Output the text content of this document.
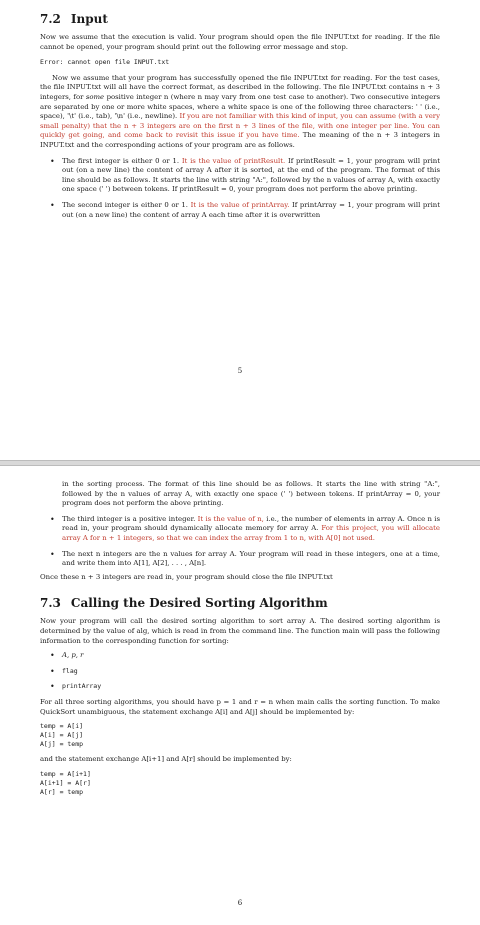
7.2 Input

Now we assume that the execution is valid. Your program should open the file INPUT.txt for reading. If the file cannot be opened, your program should print out the following error message and stop.

Error: cannot open file INPUT.txt

Now we assume that your program has successfully opened the file INPUT.txt for reading. For the test cases, the file INPUT.txt will all have the correct format, as described in the following. The file INPUT.txt contains n + 3 integers, for some positive integer n (where n may vary from one test case to another). Two consecutive integers are separated by one or more white spaces, where a white space is one of the following three characters: ' ' (i.e., space), '\t' (i.e., tab), '\n' (i.e., newline). If you are not familiar with this kind of input, you can assume (with a very small penalty) that the n + 3 integers are on the first n + 3 lines of the file, with one integer per line. You can quickly get going, and come back to revisit this issue if you have time. The meaning of the n + 3 integers in INPUT.txt and the corresponding actions of your program are as follows.

• The first integer is either 0 or 1. It is the value of printResult. If printResult = 1, your program will print out (on a new line) the content of array A after it is sorted, at the end of the program. The format of this line should be as follows. It starts the line with string "A:", followed by the n values of array A, with exactly one space (' ') between tokens. If printResult = 0, your program does not perform the above printing.
• The second integer is either 0 or 1. It is the value of printArray. If printArray = 1, your program will print out (on a new line) the content of array A each time after it is overwritten
5

in the sorting process. The format of this line should be as follows. It starts the line with string "A:", followed by the n values of array A, with exactly one space (' ') between tokens. If printArray = 0, your program does not perform the above printing.

• The third integer is a positive integer. It is the value of n, i.e., the number of elements in array A. Once n is read in, your program should dynamically allocate memory for array A. For this project, you will allocate array A for n + 1 integers, so that we can index the array from 1 to n, with A[0] not used.
• The next n integers are the n values for array A. Your program will read in these integers, one at a time, and write them into A[1], A[2], . . . , A[n].

Once these n + 3 integers are read in, your program should close the file INPUT.txt

7.3 Calling the Desired Sorting Algorithm

Now your program will call the desired sorting algorithm to sort array A. The desired sorting algorithm is determined by the value of alg, which is read in from the command line. The function main will pass the following information to the corresponding function for sorting:

• A, p, r
• flag
• printArray

For all three sorting algorithms, you should have p = 1 and r = n when main calls the sorting function. To make QuickSort unambiguous, the statement exchange A[i] and A[j] should be implemented by:

temp = A[i]
A[i] = A[j]
A[j] = temp

and the statement exchange A[i+1] and A[r] should be implemented by:

temp = A[i+1]
A[i+1] = A[r]
A[r] = temp
6
